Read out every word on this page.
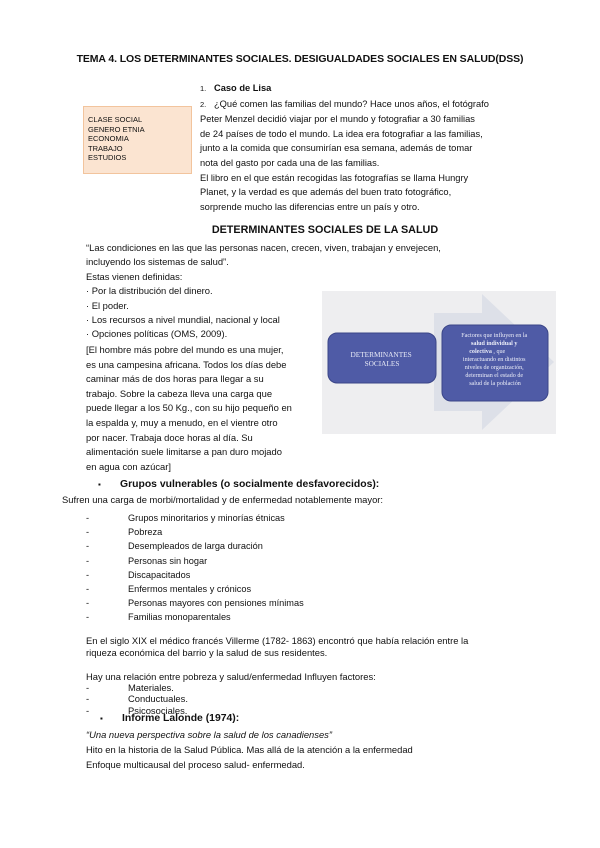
TEMA 4. LOS DETERMINANTES SOCIALES. DESIGUALDADES SOCIALES EN SALUD(DSS)
CLASE SOCIAL
GENERO ETNIA
ECONOMIA
TRABAJO
ESTUDIOS

1. Caso de Lisa

2. ¿Qué comen las familias del mundo? Hace unos años, el fotógrafo

Peter Menzel decidió viajar por el mundo y fotografiar a 30 familias

de 24 países de todo el mundo. La idea era fotografiar a las familias,

junto a la comida que consumirían esa semana, además de tomar

nota del gasto por cada una de las familias.

El libro en el que están recogidas las fotografías se llama Hungry

Planet, y la verdad es que además del buen trato fotográfico,

sorprende mucho las diferencias entre un país y otro.

DETERMINANTES SOCIALES DE LA SALUD
“Las condiciones en las que las personas nacen, crecen, viven, trabajan y envejecen,
incluyendo los sistemas de salud”.
Estas vienen definidas:
· Por la distribución del dinero.
· El poder.
· Los recursos a nivel mundial, nacional y local
· Opciones políticas (OMS, 2009).
[El hombre más pobre del mundo es una mujer,
es una campesina africana. Todos los días debe
caminar más de dos horas para llegar a su
trabajo. Sobre la cabeza lleva una carga que
puede llegar a los 50 Kg., con su hijo pequeño en
la espalda y, muy a menudo, en el vientre otro
por nacer. Trabaja doce horas al día. Su
alimentación suele limitarse a pan duro mojado
en agua con azúcar]
DETERMINANTES SOCIALES
Factores que influyen en la salud individual y colectiva , que interactuando en distintos niveles de organización, determinan el estado de salud de la población
▪ Grupos vulnerables (o socialmente desfavorecidos):
Sufren una carga de morbi/mortalidad y de enfermedad notablemente mayor:
-	Grupos minoritarios y minorías étnicas
-	Pobreza
-	Desempleados de larga duración
-	Personas sin hogar
-	Discapacitados
-	Enfermos mentales y crónicos
-	Personas mayores con pensiones mínimas
-	Familias monoparentales
En el siglo XIX el médico francés Villerme (1782- 1863) encontró que había relación entre la
riqueza económica del barrio y la salud de sus residentes.
Hay una relación entre pobreza y salud/enfermedad Influyen factores:
-	Materiales.
-	Conductuales.
-	Psicosociales.
▪ Informe Lalonde (1974):
“Una nueva perspectiva sobre la salud de los canadienses”
Hito en la historia de la Salud Pública. Mas allá de la atención a la enfermedad
Enfoque multicausal del proceso salud- enfermedad.
